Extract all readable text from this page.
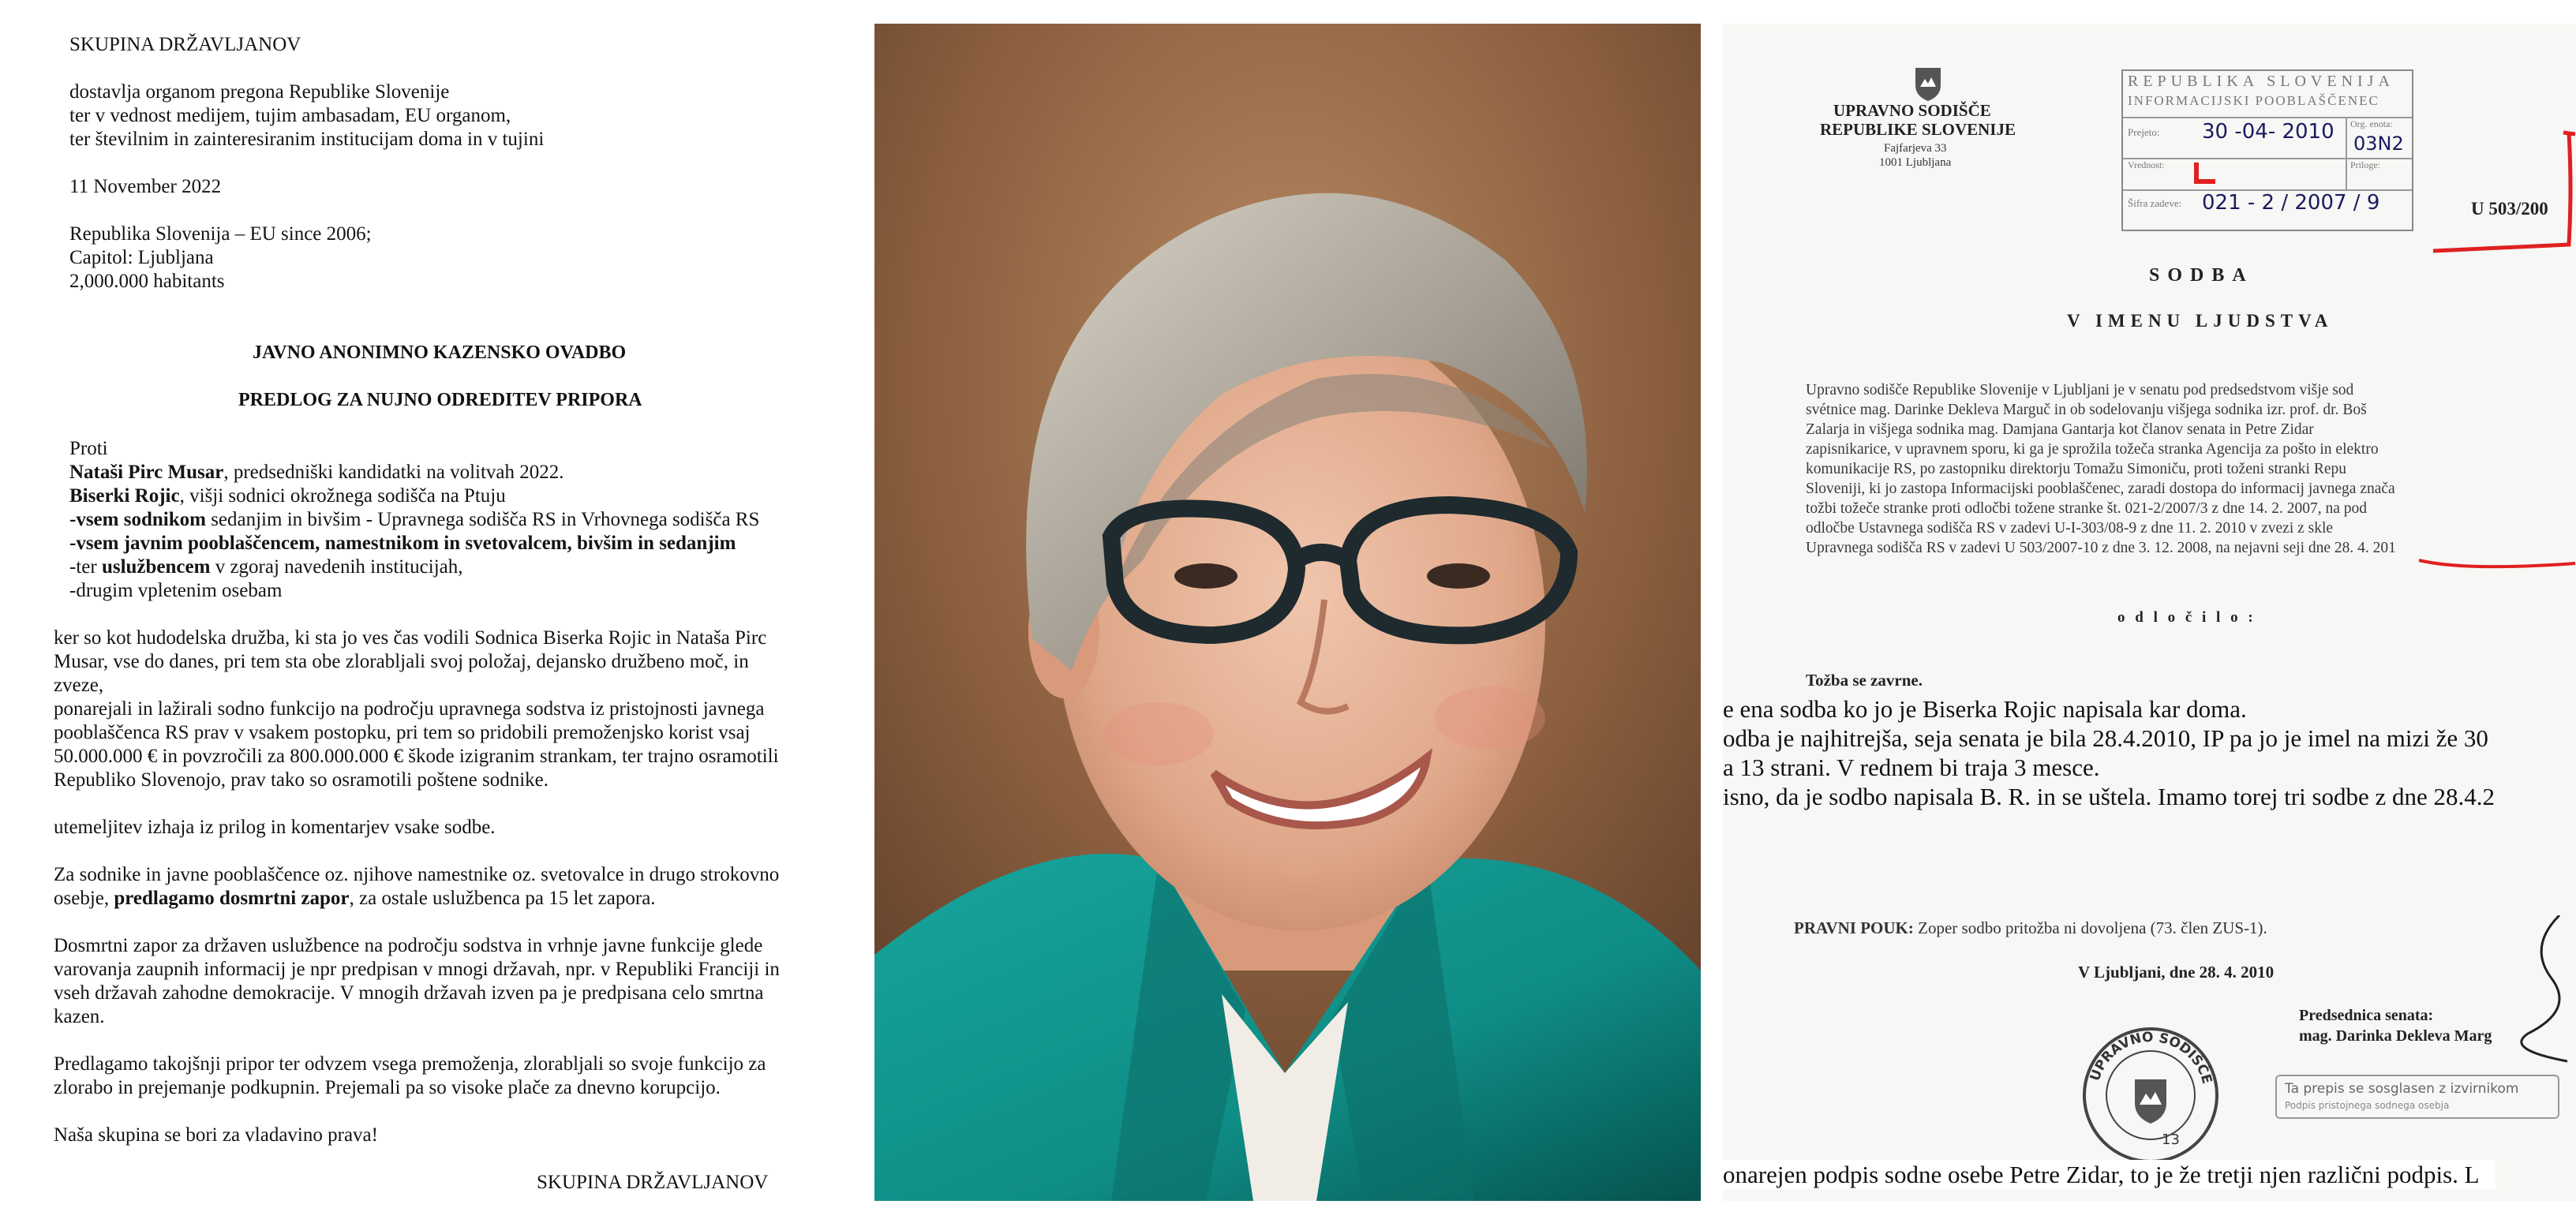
SKUPINA DRŽAVLJANOV
dostavlja organom pregona Republike Slovenije
ter v vednost medijem, tujim ambasadam, EU organom,
ter številnim in zainteresiranim institucijam doma in v tujini
11 November 2022
Republika Slovenija – EU since 2006;
Capitol: Ljubljana
2,000.000 habitants
JAVNO ANONIMNO KAZENSKO OVADBO
PREDLOG ZA NUJNO ODREDITEV PRIPORA
Proti
Nataši Pirc Musar, predsedniški kandidatki na volitvah 2022.
Biserki Rojic, višji sodnici okrožnega sodišča na Ptuju
-vsem sodnikom sedanjim in bivšim - Upravnega sodišča RS in Vrhovnega sodišča RS
-vsem javnim pooblaščencem, namestnikom in svetovalcem, bivšim in sedanjim
-ter uslužbencem v zgoraj navedenih institucijah,
-drugim vpletenim osebam
ker so kot hudodelska družba, ki sta jo ves čas vodili Sodnica Biserka Rojic in Nataša Pirc
Musar, vse do danes, pri tem sta obe zlorabljali svoj položaj, dejansko družbeno moč, in
zveze,
ponarejali in lažirali sodno funkcijo na področju upravnega sodstva iz pristojnosti javnega
pooblaščenca RS prav v vsakem postopku, pri tem so pridobili premoženjsko korist vsaj
50.000.000 € in povzročili za 800.000.000 € škode izigranim strankam, ter trajno osramotili
Republiko Slovenojo, prav tako so osramotili poštene sodnike.
utemeljitev izhaja iz prilog in komentarjev vsake sodbe.
Za sodnike in javne pooblaščence oz. njihove namestnike oz. svetovalce in drugo strokovno
osebje, predlagamo dosmrtni zapor, za ostale uslužbenca pa 15 let zapora.
Dosmrtni zapor za državen uslužbence na področju sodstva in vrhnje javne funkcije glede
varovanja zaupnih informacij je npr predpisan v mnogi državah, npr. v Republiki Franciji in
vseh državah zahodne demokracije. V mnogih državah izven pa je predpisana celo smrtna
kazen.
Predlagamo takojšnji pripor ter odvzem vsega premoženja, zlorabljali so svoje funkcijo za
zlorabo in prejemanje podkupnin. Prejemali pa so visoke plače za dnevno korupcijo.
Naša skupina se bori za vladavino prava!
SKUPINA DRŽAVLJANOV
UPRAVNO SODIŠČE
REPUBLIKE SLOVENIJE
Fajfarjeva 33
1001 Ljubljana
REPUBLIKA SLOVENIJA
INFORMACIJSKI POOBLAŠČENEC
Prejeto: 30 -04- 2010 Org. enota:
03N2
Vrednost:	Priloge:
Šifra zadeve: 021 - 2 / 2007 / 9	U 503/200
SODBA
V IMENU LJUDSTVA
Upravno sodišče Republike Slovenije v Ljubljani je v senatu pod predsedstvom višje sod
svétnice mag. Darinke Dekleva Marguč in ob sodelovanju višjega sodnika izr. prof. dr. Boš
Zalarja in višjega sodnika mag. Damjana Gantarja kot članov senata in Petre Zidar
zapisnikarice, v upravnem sporu, ki ga je sprožila tožeča stranka Agencija za pošto in elektro
komunikacije RS, po zastopniku direktorju Tomažu Simoniču, proti toženi stranki Repu
Sloveniji, ki jo zastopa Informacijski pooblaščenec, zaradi dostopa do informacij javnega znača
tožbi tožeče stranke proti odločbi tožene stranke št. 021-2/2007/3 z dne 14. 2. 2007, na pod
odločbe Ustavnega sodišča RS v zadevi U-I-303/08-9 z dne 11. 2. 2010 v zvezi z skle
Upravnega sodišča RS v zadevi U 503/2007-10 z dne 3. 12. 2008, na nejavni seji dne 28. 4. 201
o d l o č i l o :
Tožba se zavrne.
e ena sodba ko jo je Biserka Rojic napisala kar doma.
odba je najhitrejša, seja senata je bila 28.4.2010, IP pa jo je imel na mizi že 30
a 13 strani. V rednem bi traja 3 mesce.
isno, da je sodbo napisala B. R. in se uštela. Imamo torej tri sodbe z dne 28.4.2
PRAVNI POUK: Zoper sodbo pritožba ni dovoljena (73. člen ZUS-1).
V Ljubljani, dne 28. 4. 2010
Predsednica senata:
mag. Darinka Dekleva Marg
UPRAVNO SODIŠČE
13
Ta prepis se sosglasen z izvirnikom
Podpis pristojnega sodnega osebja
onarejen podpis sodne osebe Petre Zidar, to je že tretji njen različni podpis. L
